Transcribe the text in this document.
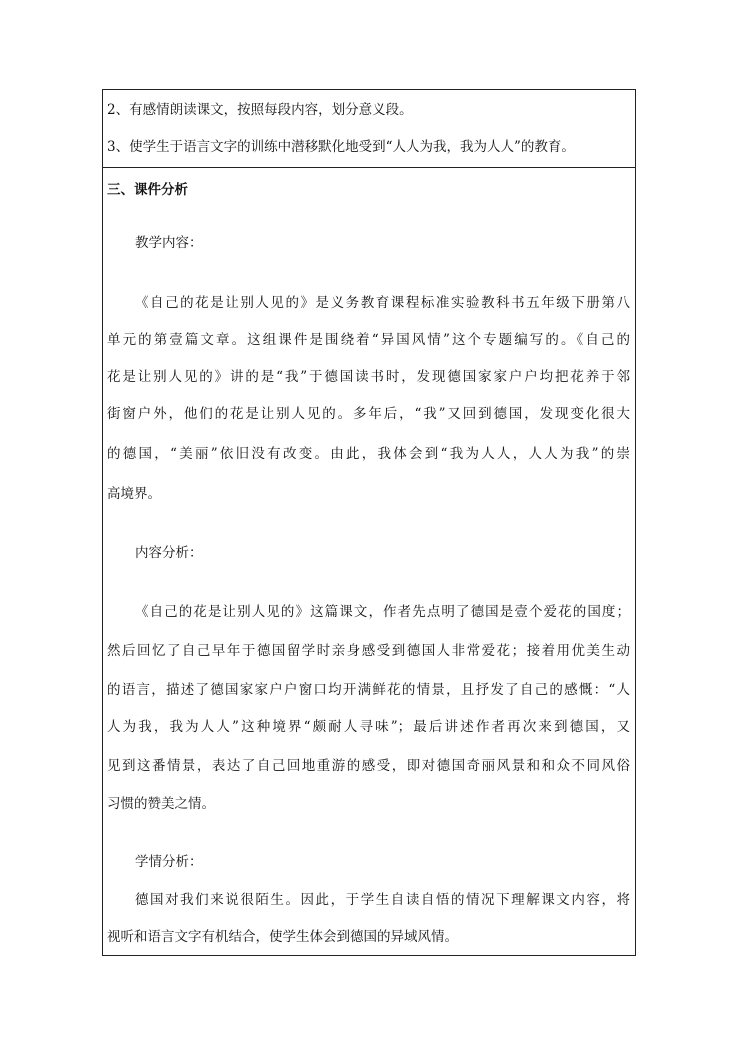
2、有感情朗读课文，按照每段内容，划分意义段。
3、使学生于语言文字的训练中潜移默化地受到“人人为我，我为人人”的教育。
三、课件分析
教学内容：
《自己的花是让别人见的》是义务教育课程标准实验教科书五年级下册第八
单元的第壹篇文章。这组课件是围绕着“异国风情”这个专题编写的。《自己的
花是让别人见的》讲的是“我”于德国读书时，发现德国家家户户均把花养于邻
街窗户外，他们的花是让别人见的。多年后，“我”又回到德国，发现变化很大
的德国，“美丽”依旧没有改变。由此，我体会到“我为人人，人人为我”的崇
高境界。
内容分析：
《自己的花是让别人见的》这篇课文，作者先点明了德国是壹个爱花的国度；
然后回忆了自己早年于德国留学时亲身感受到德国人非常爱花；接着用优美生动
的语言，描述了德国家家户户窗口均开满鲜花的情景，且抒发了自己的感慨：“人
人为我，我为人人”这种境界“颇耐人寻味”；最后讲述作者再次来到德国，又
见到这番情景，表达了自己回地重游的感受，即对德国奇丽风景和和众不同风俗
习惯的赞美之情。
学情分析：
德国对我们来说很陌生。因此，于学生自读自悟的情况下理解课文内容，将
视听和语言文字有机结合，使学生体会到德国的异域风情。
